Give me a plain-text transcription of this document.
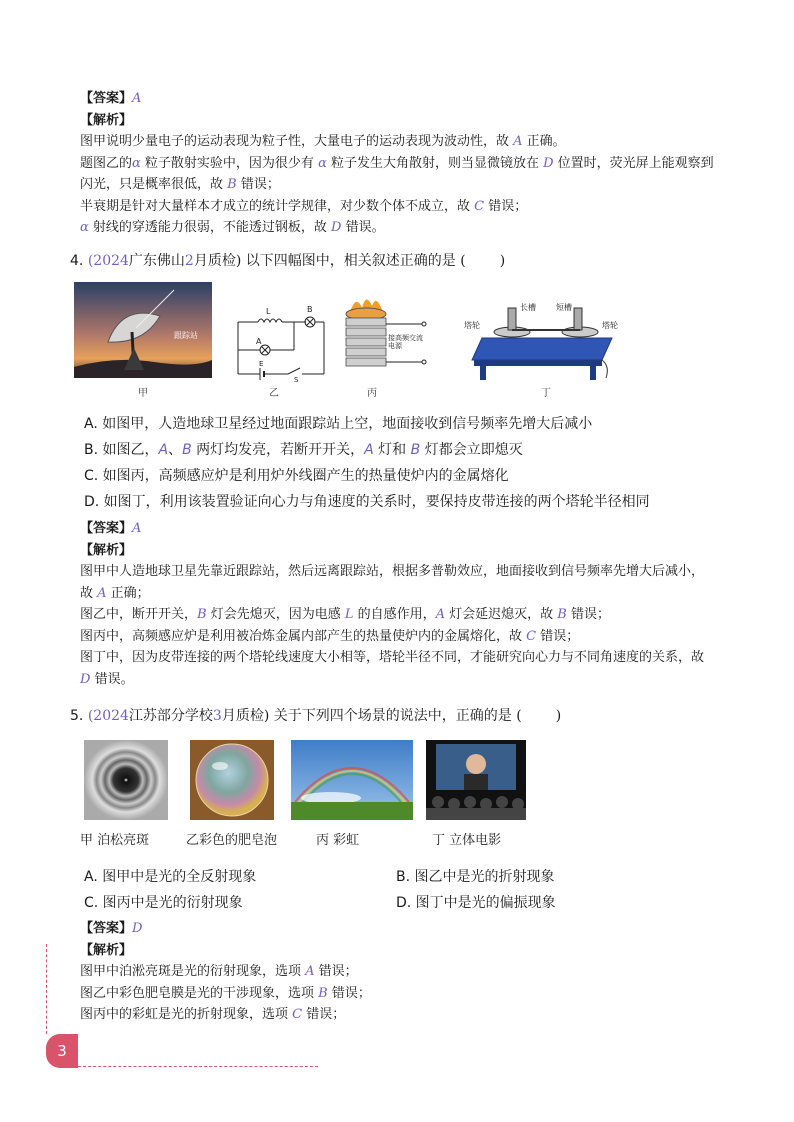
【答案】A
【解析】
图甲说明少量电子的运动表现为粒子性，大量电子的运动表现为波动性，故 A 正确。
题图乙的α 粒子散射实验中，因为很少有 α 粒子发生大角散射，则当显微镜放在 D 位置时，荧光屏上能观察到
闪光，只是概率很低，故 B 错误；
半衰期是针对大量样本才成立的统计学规律，对少数个体不成立，故 C 错误；
α 射线的穿透能力很弱，不能透过钢板，故 D 错误。
4. (2024广东佛山2月质检) 以下四幅图中，相关叙述正确的是 ( )
跟踪站
甲
L	B
A
E
S
乙
接高频交流电源
丙
塔轮
长槽	短槽
塔轮
丁
A. 如图甲，人造地球卫星经过地面跟踪站上空，地面接收到信号频率先增大后减小
B. 如图乙，A、B 两灯均发亮，若断开开关，A 灯和 B 灯都会立即熄灭
C. 如图丙，高频感应炉是利用炉外线圈产生的热量使炉内的金属熔化
D. 如图丁，利用该装置验证向心力与角速度的关系时，要保持皮带连接的两个塔轮半径相同
【答案】A
【解析】
图甲中人造地球卫星先靠近跟踪站，然后远离跟踪站，根据多普勒效应，地面接收到信号频率先增大后减小，
故 A 正确；
图乙中，断开开关，B 灯会先熄灭，因为电感 L 的自感作用，A 灯会延迟熄灭，故 B 错误；
图丙中，高频感应炉是利用被冶炼金属内部产生的热量使炉内的金属熔化，故 C 错误；
图丁中，因为皮带连接的两个塔轮线速度大小相等，塔轮半径不同，才能研究向心力与不同角速度的关系，故
D 错误。
5. (2024江苏部分学校3月质检) 关于下列四个场景的说法中，正确的是 ( )
甲 泊松亮斑	乙彩色的肥皂泡	丙 彩虹	丁 立体电影
A. 图甲中是光的全反射现象	B. 图乙中是光的折射现象
C. 图丙中是光的衍射现象	D. 图丁中是光的偏振现象
【答案】D
【解析】
图甲中泊淞亮斑是光的衍射现象，选项 A 错误；
图乙中彩色肥皂膜是光的干涉现象，选项 B 错误；
图丙中的彩虹是光的折射现象，选项 C 错误；
3
